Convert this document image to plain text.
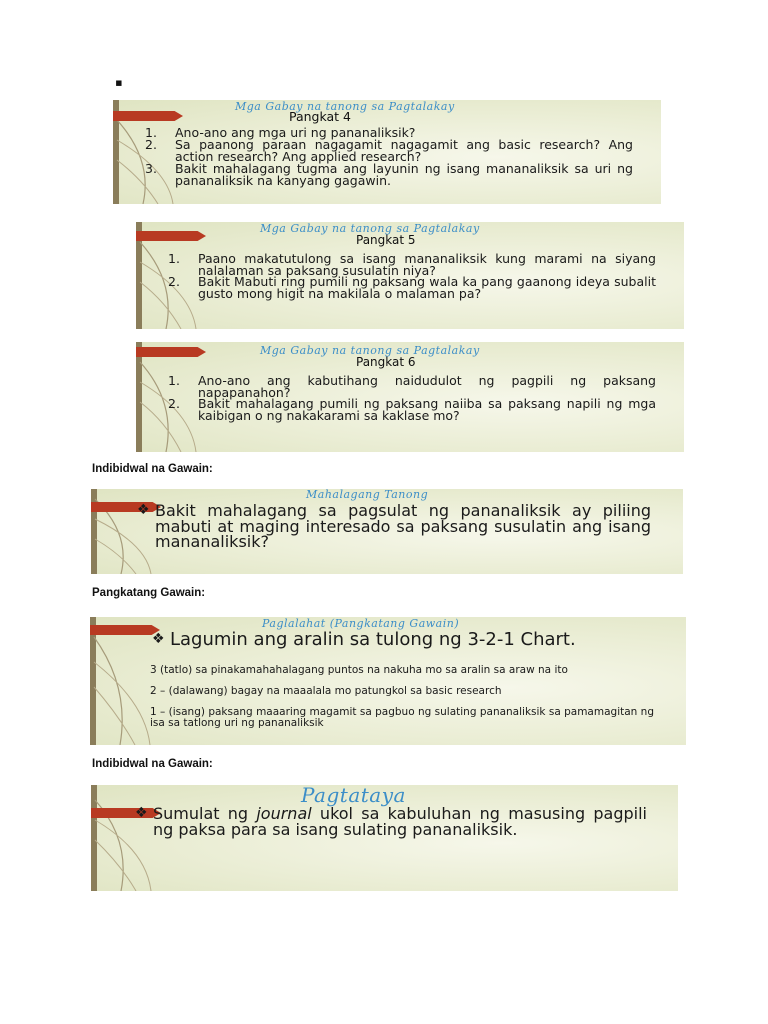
▪
Mga Gabay na tanong sa Pagtalakay
Pangkat 4
1. Ano-ano ang mga uri ng pananaliksik?
2. Sa paanong paraan nagagamit nagagamit ang basic research? Ang action research? Ang applied research?
3. Bakit mahalagang tugma ang layunin ng isang mananaliksik sa uri ng pananaliksik na kanyang gagawin.
Mga Gabay na tanong sa Pagtalakay
Pangkat 5
1. Paano makatutulong sa isang mananaliksik kung marami na siyang nalalaman sa paksang susulatin niya?
2. Bakit Mabuti ring pumili ng paksang wala ka pang gaanong ideya subalit gusto mong higit na makilala o malaman pa?
Mga Gabay na tanong sa Pagtalakay
Pangkat 6
1. Ano-ano ang kabutihang naidudulot ng pagpili ng paksang napapanahon?
2. Bakit mahalagang pumili ng paksang naiiba sa paksang napili ng mga kaibigan o ng nakakarami sa kaklase mo?
Indibidwal na Gawain:
Mahalagang Tanong
❖ Bakit mahalagang sa pagsulat ng pananaliksik ay piliing mabuti at maging interesado sa paksang susulatin ang isang mananaliksik?
Pangkatang Gawain:
Paglalahat (Pangkatang Gawain)
❖ Lagumin ang aralin sa tulong ng 3-2-1 Chart.
3 (tatlo) sa pinakamahahalagang puntos na nakuha mo sa aralin sa araw na ito
2 – (dalawang) bagay na maaalala mo patungkol sa basic research
1 – (isang) paksang maaaring magamit sa pagbuo ng sulating pananaliksik sa pamamagitan ng isa sa tatlong uri ng pananaliksik
Indibidwal na Gawain:
Pagtataya
❖ Sumulat ng journal ukol sa kabuluhan ng masusing pagpili ng paksa para sa isang sulating pananaliksik.
